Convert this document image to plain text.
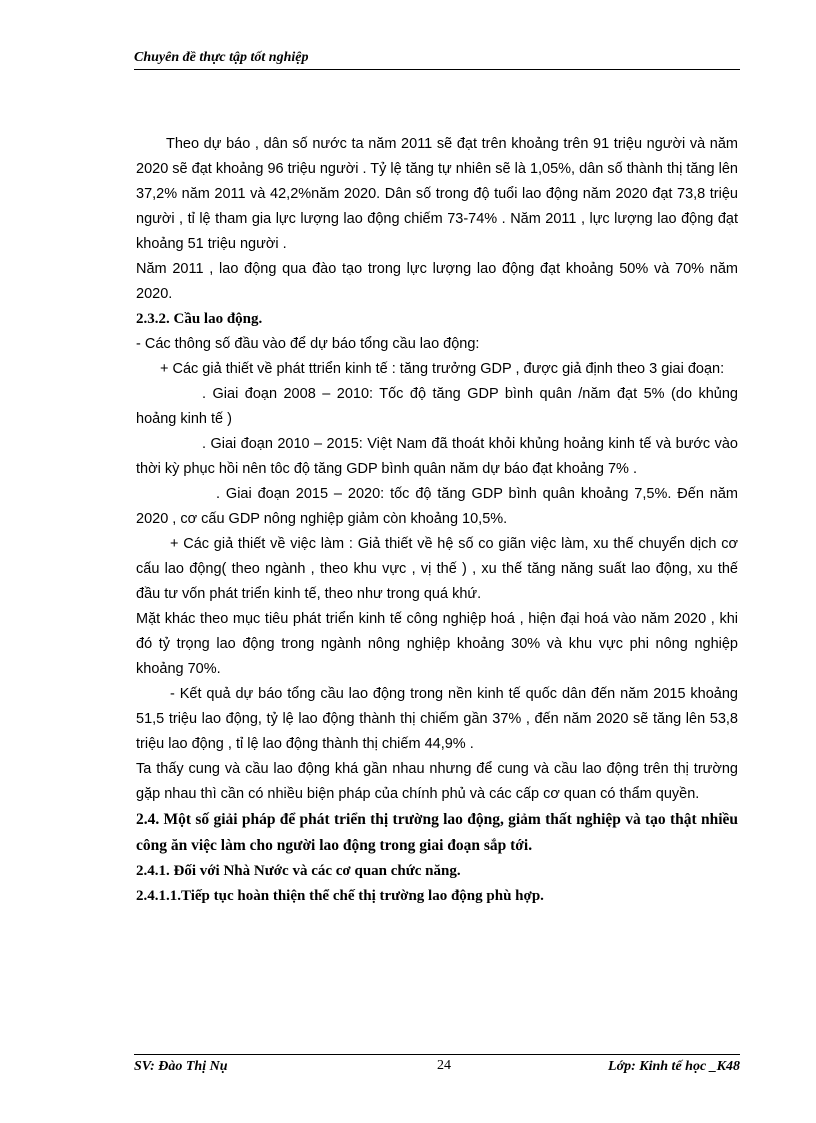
Chuyên đề thực tập tốt nghiệp

Theo dự báo , dân số nước ta năm 2011 sẽ đạt trên khoảng trên 91 triệu người và năm 2020 sẽ đạt khoảng 96 triệu người . Tỷ lệ tăng tự nhiên sẽ là 1,05%, dân số thành thị tăng lên 37,2% năm 2011 và 42,2%năm 2020. Dân số trong độ tuổi lao động năm 2020 đạt 73,8 triệu người , tỉ lệ tham gia lực lượng lao động chiếm 73-74% . Năm 2011 , lực lượng lao động đạt khoảng 51 triệu người .

Năm 2011 , lao động qua đào tạo trong lực lượng lao động đạt khoảng 50% và 70% năm 2020.

2.3.2. Cầu lao động.

- Các thông số đầu vào để dự báo tổng cầu lao động:

+ Các giả thiết về phát ttriển kinh tế : tăng trưởng GDP , được giả định theo 3 giai đoạn:

. Giai đoạn 2008 – 2010: Tốc độ tăng GDP bình quân /năm đạt 5% (do khủng hoảng kinh tế )

. Giai đoạn 2010 – 2015: Việt Nam đã thoát khỏi khủng hoảng kinh tế và bước vào thời kỳ phục hồi nên tôc độ tăng GDP bình quân năm dự báo đạt khoảng 7% .

. Giai đoạn 2015 – 2020: tốc độ tăng GDP bình quân khoảng 7,5%. Đến năm 2020 , cơ cấu GDP nông nghiệp giảm còn khoảng 10,5%.

+ Các giả thiết về việc làm : Giả thiết về hệ số co giãn việc làm, xu thế chuyển dịch cơ cấu lao động( theo ngành , theo khu vực , vị thế ) , xu thế tăng năng suất lao động, xu thế đầu tư vốn phát triển kinh tế, theo như trong quá khứ.

Mặt khác theo mục tiêu phát triển kinh tế công nghiệp hoá , hiện đại hoá vào năm 2020 , khi đó tỷ trọng lao động trong ngành nông nghiệp khoảng 30% và khu vực phi nông nghiệp khoảng 70%.

- Kết quả dự báo tổng cầu lao động trong nền kinh tế quốc dân đến năm 2015 khoảng 51,5 triệu lao động, tỷ lệ lao động thành thị chiếm gần 37% , đến năm 2020 sẽ tăng lên 53,8 triệu lao động , tỉ lệ lao động thành thị chiếm 44,9% .

Ta thấy cung và cầu lao động khá gần nhau nhưng để cung và cầu lao động trên thị trường gặp nhau thì cần có nhiều biện pháp của chính phủ và các cấp cơ quan có thẩm quyền.

2.4. Một số giải pháp để phát triển thị trường lao động, giảm thất nghiệp và tạo thật nhiều công ăn việc làm cho người lao động trong giai đoạn sắp tới.

2.4.1. Đối với Nhà Nước và các cơ quan chức năng.

2.4.1.1.Tiếp tục hoàn thiện thể chế thị trường lao động phù hợp.

SV: Đào Thị Nụ	24	Lớp: Kinh tế học _K48
